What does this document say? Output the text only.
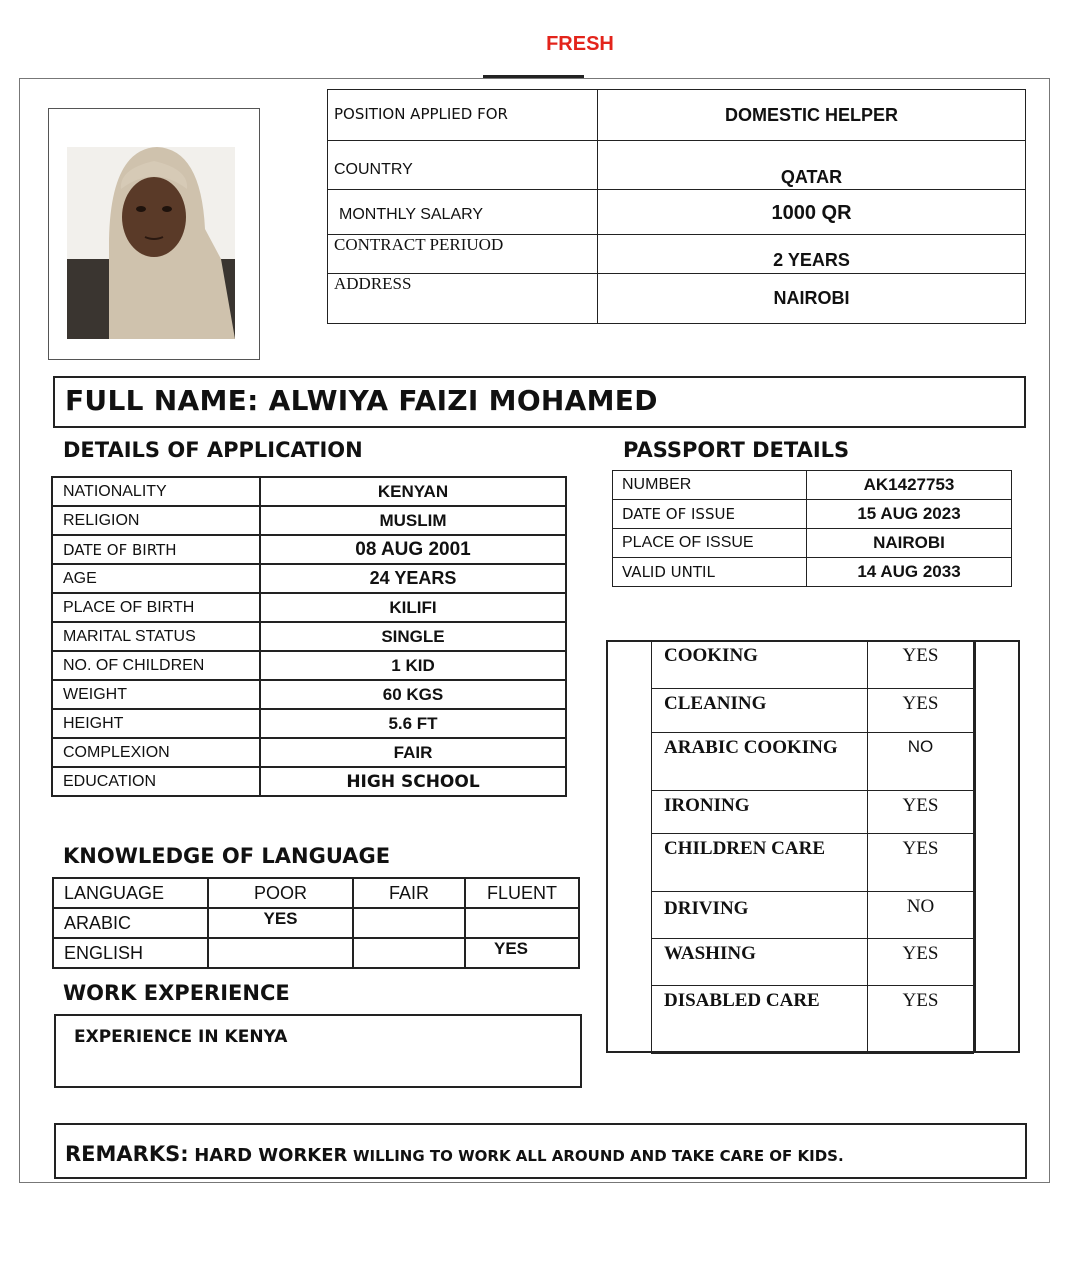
FRESH
POSITION APPLIED FOR	DOMESTIC HELPER
COUNTRY	QATAR
MONTHLY SALARY	1000 QR
CONTRACT PERIUOD	2 YEARS
ADDRESS	NAIROBI
FULL NAME: ALWIYA FAIZI MOHAMED
DETAILS OF APPLICATION
NATIONALITY	KENYAN
RELIGION	MUSLIM
DATE OF BIRTH	08 AUG 2001
AGE	24 YEARS
PLACE OF BIRTH	KILIFI
MARITAL STATUS	SINGLE
NO. OF CHILDREN	1 KID
WEIGHT	60 KGS
HEIGHT	5.6 FT
COMPLEXION	FAIR
EDUCATION	HIGH SCHOOL
PASSPORT DETAILS
NUMBER	AK1427753
DATE OF ISSUE	15 AUG 2023
PLACE OF ISSUE	NAIROBI
VALID UNTIL	14 AUG 2033
COOKING	YES
CLEANING	YES
ARABIC COOKING	NO
IRONING	YES
CHILDREN CARE	YES
DRIVING	NO
WASHING	YES
DISABLED CARE	YES
KNOWLEDGE OF LANGUAGE
LANGUAGE	POOR	FAIR	FLUENT
ARABIC	YES		
ENGLISH			YES
WORK EXPERIENCE
EXPERIENCE IN KENYA
REMARKS: HARD WORKER WILLING TO WORK ALL AROUND AND TAKE CARE OF KIDS.
